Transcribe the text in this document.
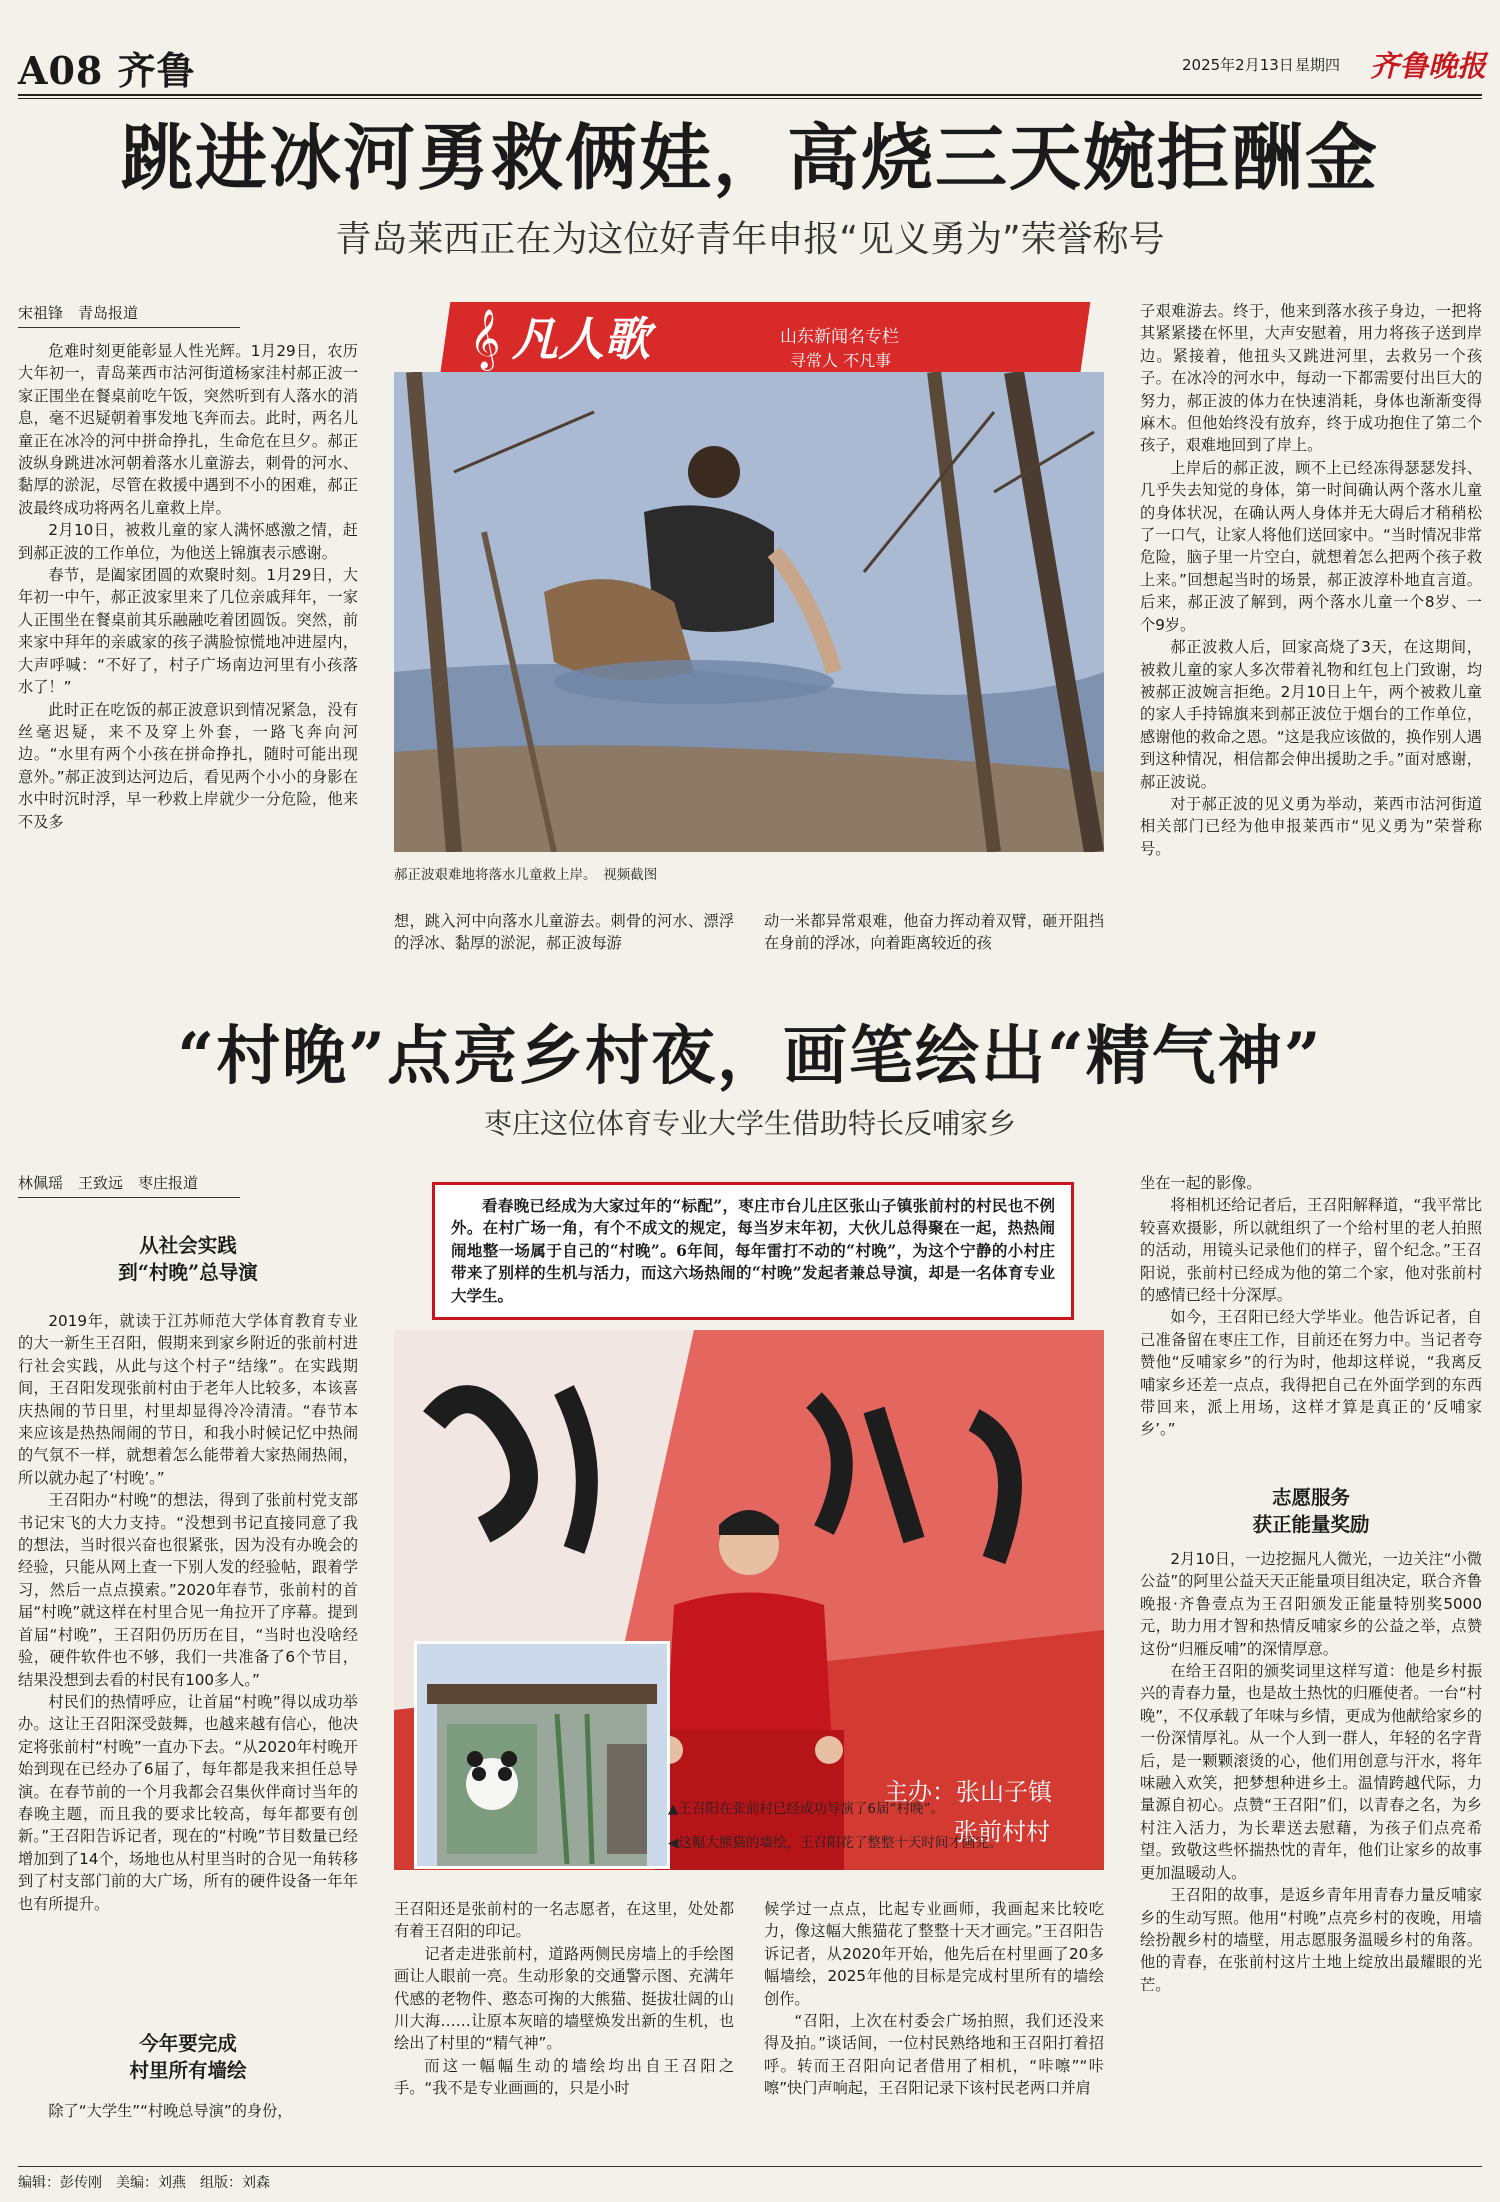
A08 齐鲁	2025年2月13日 星期四 齐鲁晚报
跳进冰河勇救俩娃，高烧三天婉拒酬金
青岛莱西正在为这位好青年申报“见义勇为”荣誉称号
宋祖锋　青岛报道

危难时刻更能彰显人性光辉。1月29日，农历大年初一，青岛莱西市沽河街道杨家洼村郝正波一家正围坐在餐桌前吃午饭，突然听到有人落水的消息，毫不迟疑朝着事发地飞奔而去。此时，两名儿童正在冰冷的河中拼命挣扎，生命危在旦夕。郝正波纵身跳进冰河朝着落水儿童游去，刺骨的河水、黏厚的淤泥，尽管在救援中遇到不小的困难，郝正波最终成功将两名儿童救上岸。

2月10日，被救儿童的家人满怀感激之情，赶到郝正波的工作单位，为他送上锦旗表示感谢。

春节，是阖家团圆的欢聚时刻。1月29日，大年初一中午，郝正波家里来了几位亲戚拜年，一家人正围坐在餐桌前其乐融融吃着团圆饭。突然，前来家中拜年的亲戚家的孩子满脸惊慌地冲进屋内，大声呼喊：“不好了，村子广场南边河里有小孩落水了！”

此时正在吃饭的郝正波意识到情况紧急，没有丝毫迟疑，来不及穿上外套，一路飞奔向河边。“水里有两个小孩在拼命挣扎，随时可能出现意外。”郝正波到达河边后，看见两个小小的身影在水中时沉时浮，早一秒救上岸就少一分危险，他来不及多

𝄞 凡人歌	山东新闻名专栏
寻常人 不凡事
郝正波艰难地将落水儿童救上岸。　视频截图
想，跳入河中向落水儿童游去。刺骨的河水、漂浮的浮冰、黏厚的淤泥，郝正波每游
动一米都异常艰难，他奋力挥动着双臂，砸开阻挡在身前的浮冰，向着距离较近的孩

子艰难游去。终于，他来到落水孩子身边，一把将其紧紧搂在怀里，大声安慰着，用力将孩子送到岸边。紧接着，他扭头又跳进河里，去救另一个孩子。在冰冷的河水中，每动一下都需要付出巨大的努力，郝正波的体力在快速消耗，身体也渐渐变得麻木。但他始终没有放弃，终于成功抱住了第二个孩子，艰难地回到了岸上。

上岸后的郝正波，顾不上已经冻得瑟瑟发抖、几乎失去知觉的身体，第一时间确认两个落水儿童的身体状况，在确认两人身体并无大碍后才稍稍松了一口气，让家人将他们送回家中。“当时情况非常危险，脑子里一片空白，就想着怎么把两个孩子救上来。”回想起当时的场景，郝正波淳朴地直言道。后来，郝正波了解到，两个落水儿童一个8岁、一个9岁。

郝正波救人后，回家高烧了3天，在这期间，被救儿童的家人多次带着礼物和红包上门致谢，均被郝正波婉言拒绝。2月10日上午，两个被救儿童的家人手持锦旗来到郝正波位于烟台的工作单位，感谢他的救命之恩。“这是我应该做的，换作别人遇到这种情况，相信都会伸出援助之手。”面对感谢，郝正波说。

对于郝正波的见义勇为举动，莱西市沽河街道相关部门已经为他申报莱西市“见义勇为”荣誉称号。

“村晚”点亮乡村夜，画笔绘出“精气神”
枣庄这位体育专业大学生借助特长反哺家乡
林佩瑶　王致远　枣庄报道
从社会实践
到“村晚”总导演

2019年，就读于江苏师范大学体育教育专业的大一新生王召阳，假期来到家乡附近的张前村进行社会实践，从此与这个村子“结缘”。在实践期间，王召阳发现张前村由于老年人比较多，本该喜庆热闹的节日里，村里却显得冷冷清清。“春节本来应该是热热闹闹的节日，和我小时候记忆中热闹的气氛不一样，就想着怎么能带着大家热闹热闹，所以就办起了‘村晚’。”

王召阳办“村晚”的想法，得到了张前村党支部书记宋飞的大力支持。“没想到书记直接同意了我的想法，当时很兴奋也很紧张，因为没有办晚会的经验，只能从网上查一下别人发的经验帖，跟着学习，然后一点点摸索。”2020年春节，张前村的首届“村晚”就这样在村里合见一角拉开了序幕。提到首届“村晚”，王召阳仍历历在目，“当时也没啥经验，硬件软件也不够，我们一共准备了6个节目，结果没想到去看的村民有100多人。”

村民们的热情呼应，让首届“村晚”得以成功举办。这让王召阳深受鼓舞，也越来越有信心，他决定将张前村“村晚”一直办下去。“从2020年村晚开始到现在已经办了6届了，每年都是我来担任总导演。在春节前的一个月我都会召集伙伴商讨当年的春晚主题，而且我的要求比较高，每年都要有创新。”王召阳告诉记者，现在的“村晚”节目数量已经增加到了14个，场地也从村里当时的合见一角转移到了村支部门前的大广场，所有的硬件设备一年年也有所提升。

今年要完成
村里所有墙绘

除了“大学生”“村晚总导演”的身份，

看春晚已经成为大家过年的“标配”，枣庄市台儿庄区张山子镇张前村的村民也不例外。在村广场一角，有个不成文的规定，每当岁末年初，大伙儿总得聚在一起，热热闹闹地整一场属于自己的“村晚”。6年间，每年雷打不动的“村晚”，为这个宁静的小村庄带来了别样的生机与活力，而这六场热闹的“村晚”发起者兼总导演，却是一名体育专业大学生。

主办：张山子镇
张前村村
▲王召阳在张前村已经成功导演了6届“村晚”。
◀这幅大熊猫的墙绘，王召阳花了整整十天时间才画完。

王召阳还是张前村的一名志愿者，在这里，处处都有着王召阳的印记。

记者走进张前村，道路两侧民房墙上的手绘图画让人眼前一亮。生动形象的交通警示图、充满年代感的老物件、憨态可掬的大熊猫、挺拔壮阔的山川大海……让原本灰暗的墙壁焕发出新的生机，也绘出了村里的“精气神”。

而这一幅幅生动的墙绘均出自王召阳之手。“我不是专业画画的，只是小时

候学过一点点，比起专业画师，我画起来比较吃力，像这幅大熊猫花了整整十天才画完。”王召阳告诉记者，从2020年开始，他先后在村里画了20多幅墙绘，2025年他的目标是完成村里所有的墙绘创作。

“召阳，上次在村委会广场拍照，我们还没来得及拍。”谈话间，一位村民熟络地和王召阳打着招呼。转而王召阳向记者借用了相机，“咔嚓”“咔嚓”快门声响起，王召阳记录下该村民老两口并肩

坐在一起的影像。

将相机还给记者后，王召阳解释道，“我平常比较喜欢摄影，所以就组织了一个给村里的老人拍照的活动，用镜头记录他们的样子，留个纪念。”王召阳说，张前村已经成为他的第二个家，他对张前村的感情已经十分深厚。

如今，王召阳已经大学毕业。他告诉记者，自己准备留在枣庄工作，目前还在努力中。当记者夸赞他“反哺家乡”的行为时，他却这样说，“我离反哺家乡还差一点点，我得把自己在外面学到的东西带回来，派上用场，这样才算是真正的‘反哺家乡’。”

志愿服务
获正能量奖励

2月10日，一边挖掘凡人微光，一边关注“小微公益”的阿里公益天天正能量项目组决定，联合齐鲁晚报·齐鲁壹点为王召阳颁发正能量特别奖5000元，助力用才智和热情反哺家乡的公益之举，点赞这份“归雁反哺”的深情厚意。

在给王召阳的颁奖词里这样写道：他是乡村振兴的青春力量，也是故土热忱的归雁使者。一台“村晚”，不仅承载了年味与乡情，更成为他献给家乡的一份深情厚礼。从一个人到一群人，年轻的名字背后，是一颗颗滚烫的心，他们用创意与汗水，将年味融入欢笑，把梦想种进乡土。温情跨越代际，力量源自初心。点赞“王召阳”们，以青春之名，为乡村注入活力，为长辈送去慰藉，为孩子们点亮希望。致敬这些怀揣热忱的青年，他们让家乡的故事更加温暖动人。

王召阳的故事，是返乡青年用青春力量反哺家乡的生动写照。他用“村晚”点亮乡村的夜晚，用墙绘扮靓乡村的墙壁，用志愿服务温暖乡村的角落。他的青春，在张前村这片土地上绽放出最耀眼的光芒。

编辑：彭传刚　美编：刘燕　组版：刘森
